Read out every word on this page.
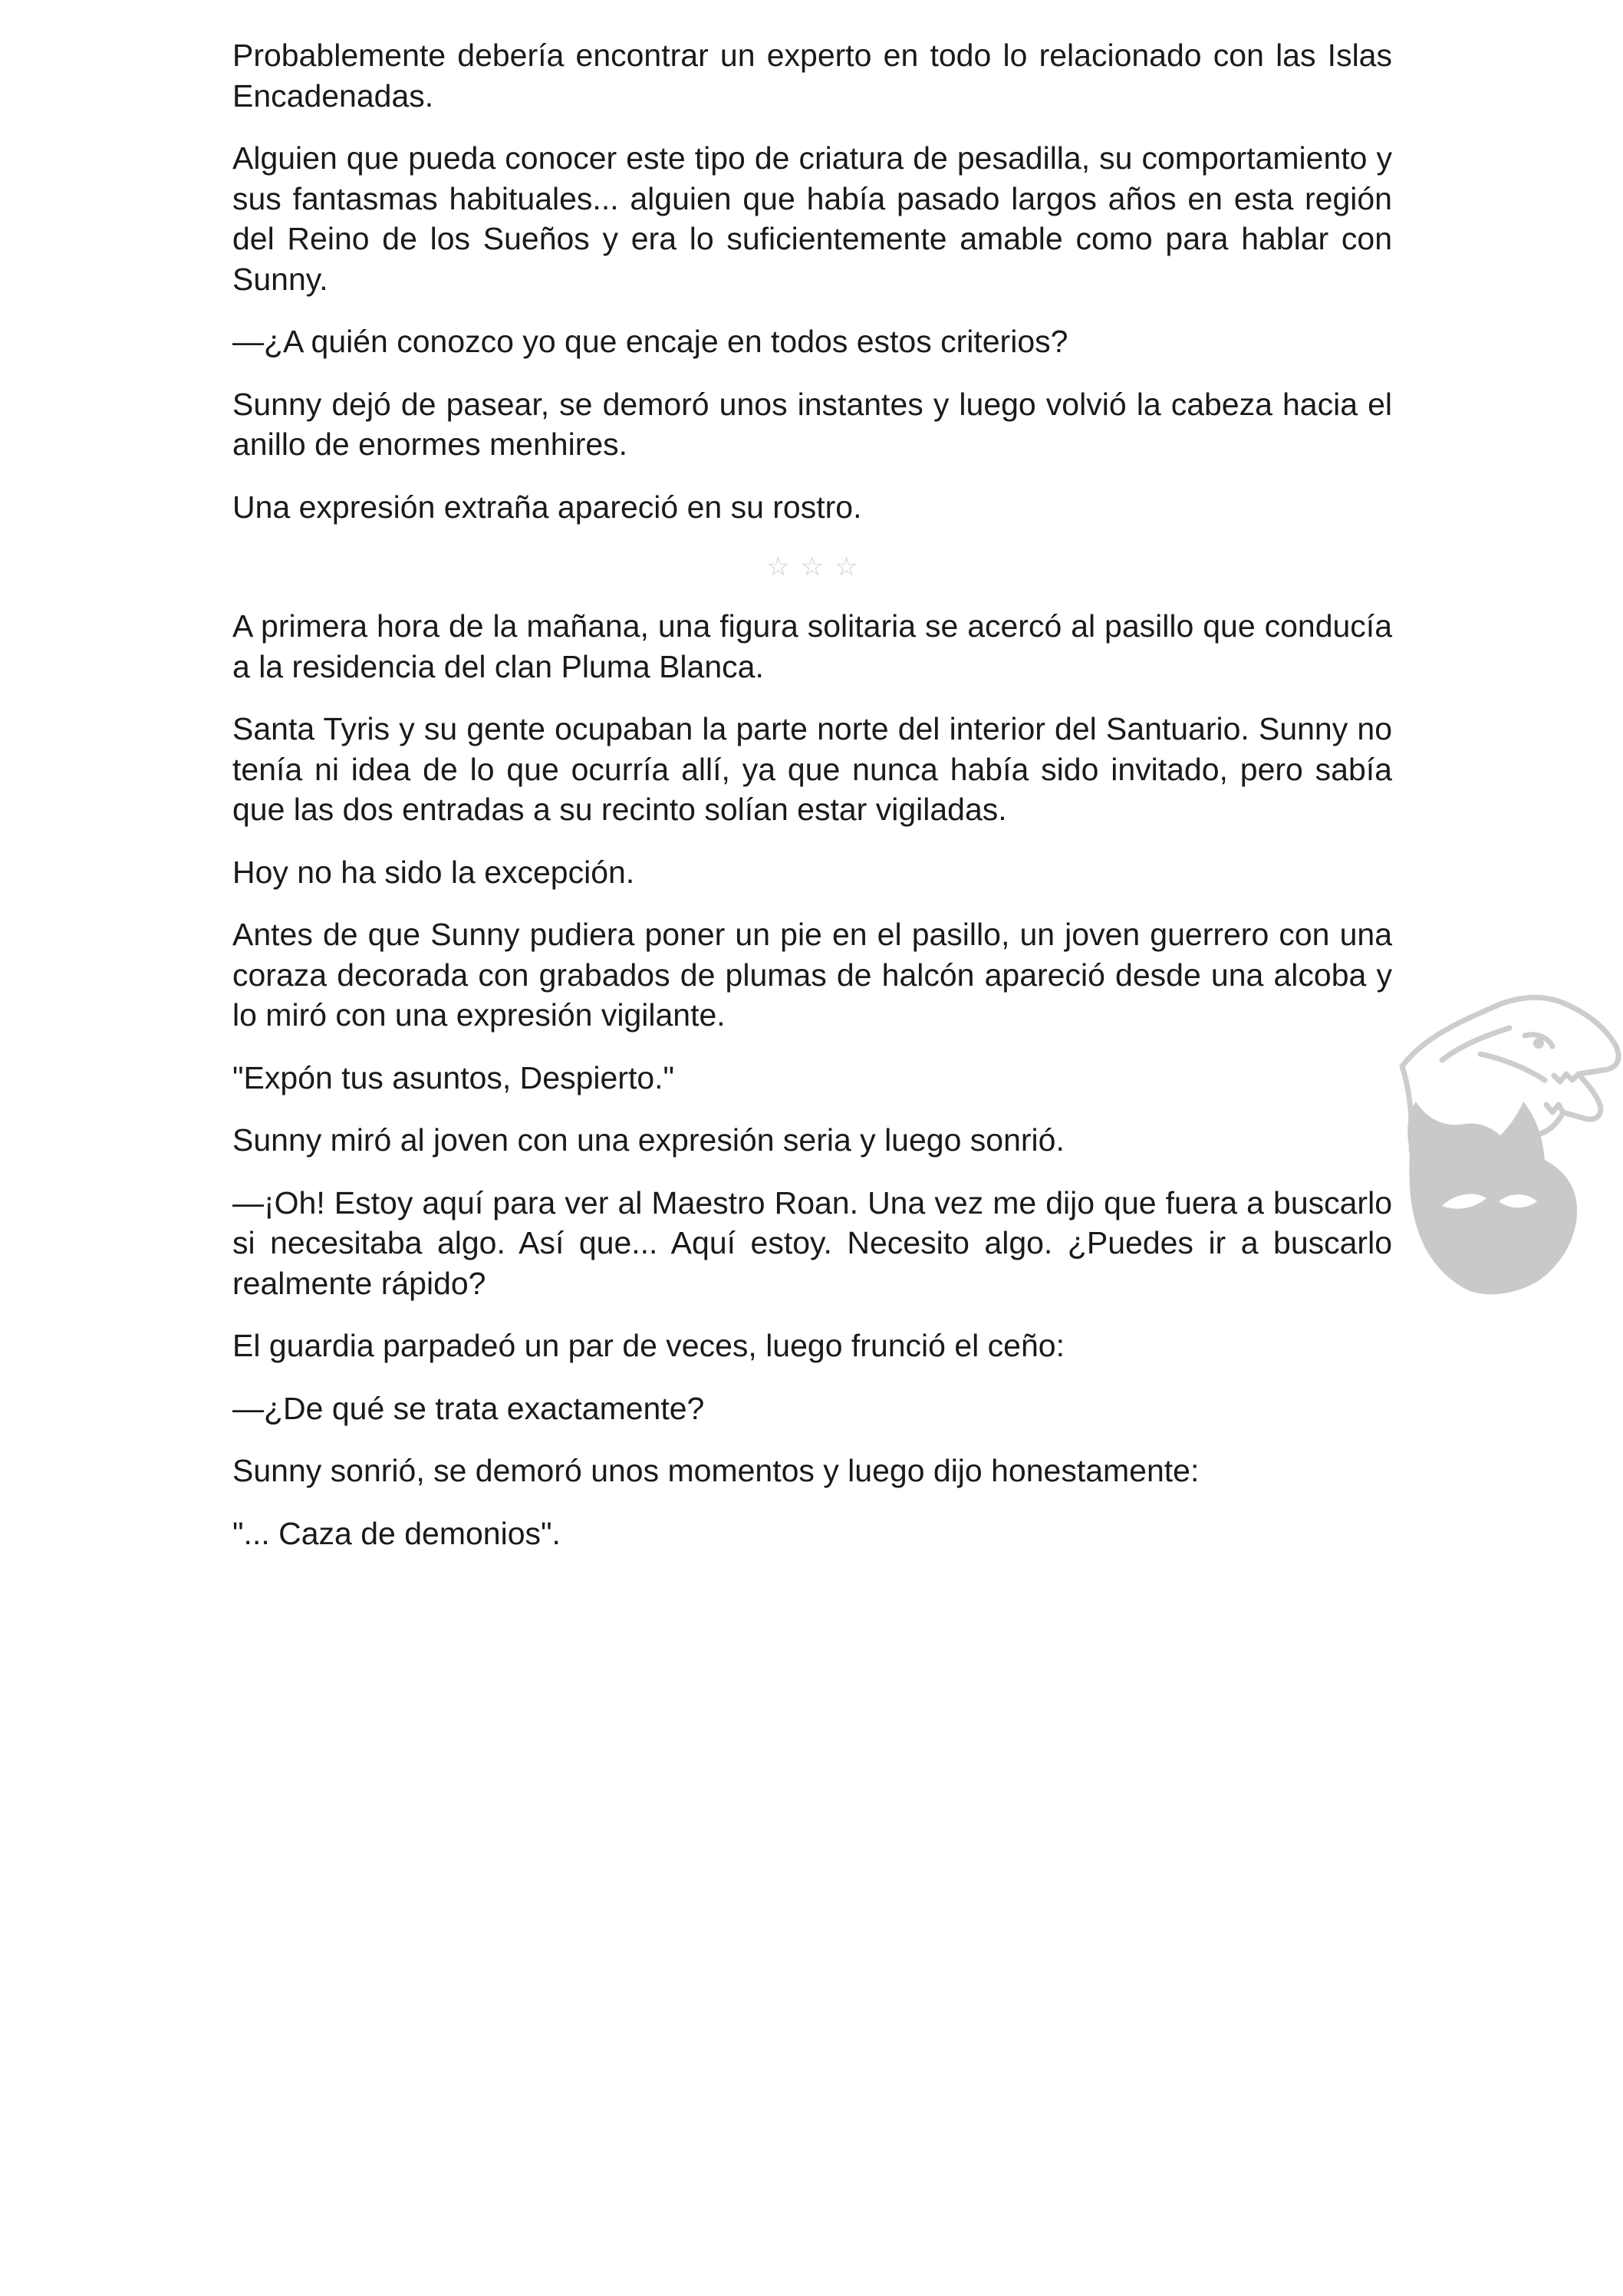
Probablemente debería encontrar un experto en todo lo relacionado con las Islas Encadenadas.

Alguien que pueda conocer este tipo de criatura de pesadilla, su comportamiento y sus fantasmas habituales... alguien que había pasado largos años en esta región del Reino de los Sueños y era lo suficientemente amable como para hablar con Sunny.

—¿A quién conozco yo que encaje en todos estos criterios?

Sunny dejó de pasear, se demoró unos instantes y luego volvió la cabeza hacia el anillo de enormes menhires.

Una expresión extraña apareció en su rostro.

☆☆☆

A primera hora de la mañana, una figura solitaria se acercó al pasillo que conducía a la residencia del clan Pluma Blanca.

Santa Tyris y su gente ocupaban la parte norte del interior del Santuario. Sunny no tenía ni idea de lo que ocurría allí, ya que nunca había sido invitado, pero sabía que las dos entradas a su recinto solían estar vigiladas.

Hoy no ha sido la excepción.

Antes de que Sunny pudiera poner un pie en el pasillo, un joven guerrero con una coraza decorada con grabados de plumas de halcón apareció desde una alcoba y lo miró con una expresión vigilante.

"Expón tus asuntos, Despierto."

Sunny miró al joven con una expresión seria y luego sonrió.

—¡Oh! Estoy aquí para ver al Maestro Roan. Una vez me dijo que fuera a buscarlo si necesitaba algo. Así que... Aquí estoy. Necesito algo. ¿Puedes ir a buscarlo realmente rápido?

El guardia parpadeó un par de veces, luego frunció el ceño:

—¿De qué se trata exactamente?

Sunny sonrió, se demoró unos momentos y luego dijo honestamente:

"... Caza de demonios".
